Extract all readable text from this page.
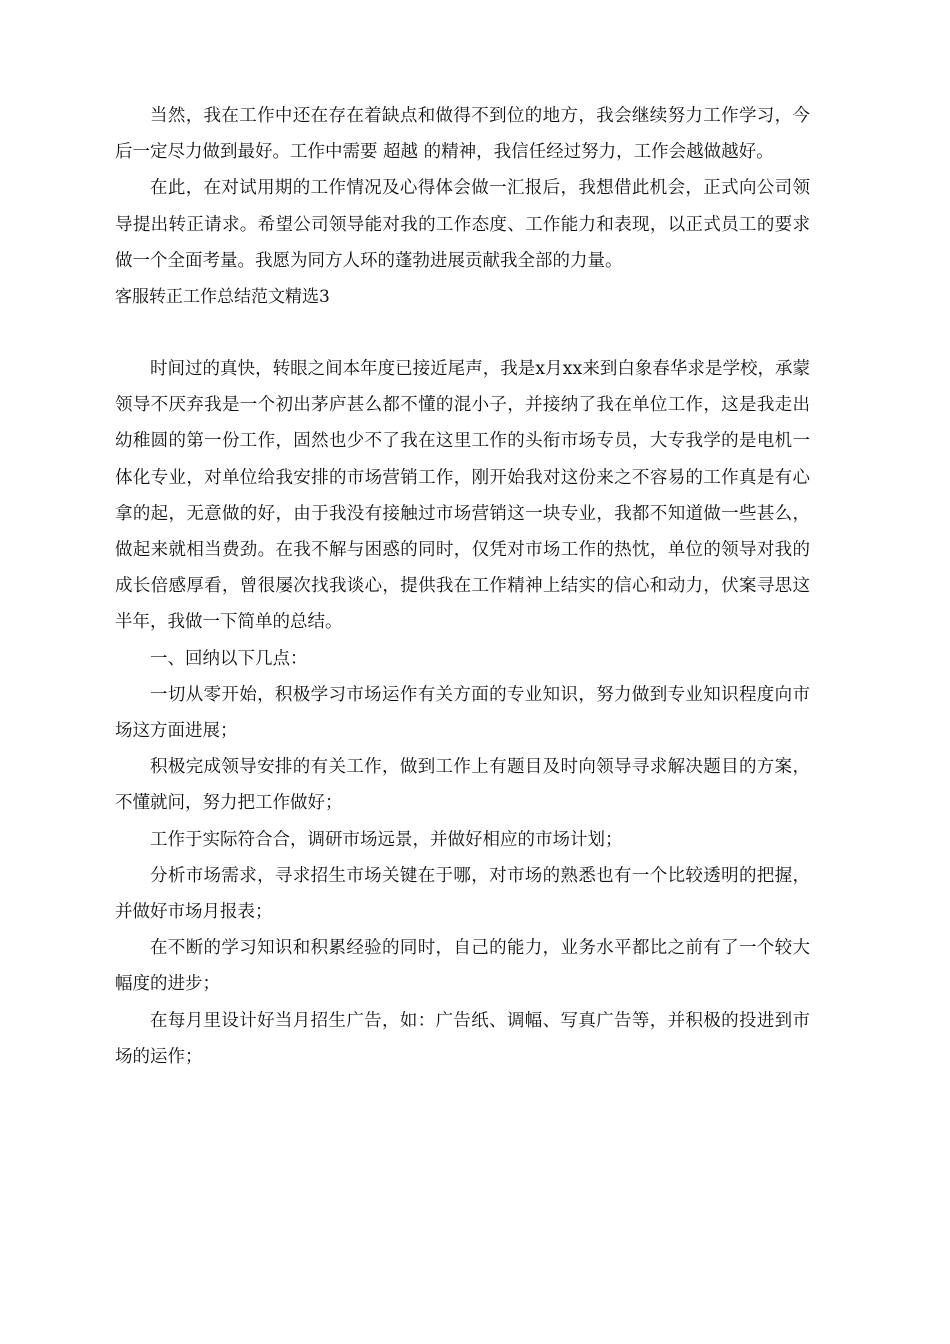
当然，我在工作中还在存在着缺点和做得不到位的地方，我会继续努力工作学习，今后一定尽力做到最好。工作中需要 超越 的精神，我信任经过努力，工作会越做越好。

在此，在对试用期的工作情况及心得体会做一汇报后，我想借此机会，正式向公司领导提出转正请求。希望公司领导能对我的工作态度、工作能力和表现，以正式员工的要求做一个全面考量。我愿为同方人环的蓬勃进展贡献我全部的力量。

客服转正工作总结范文精选3

时间过的真快，转眼之间本年度已接近尾声，我是x月xx来到白象春华求是学校，承蒙领导不厌弃我是一个初出茅庐甚么都不懂的混小子，并接纳了我在单位工作，这是我走出幼稚圆的第一份工作，固然也少不了我在这里工作的头衔市场专员，大专我学的是电机一体化专业，对单位给我安排的市场营销工作，刚开始我对这份来之不容易的工作真是有心拿的起，无意做的好，由于我没有接触过市场营销这一块专业，我都不知道做一些甚么，做起来就相当费劲。在我不解与困惑的同时，仅凭对市场工作的热忱，单位的领导对我的成长倍感厚看，曾很屡次找我谈心，提供我在工作精神上结实的信心和动力，伏案寻思这半年，我做一下简单的总结。

一、回纳以下几点：

一切从零开始，积极学习市场运作有关方面的专业知识，努力做到专业知识程度向市场这方面进展；

积极完成领导安排的有关工作，做到工作上有题目及时向领导寻求解决题目的方案，不懂就问，努力把工作做好；

工作于实际符合合，调研市场远景，并做好相应的市场计划；

分析市场需求，寻求招生市场关键在于哪，对市场的熟悉也有一个比较透明的把握，并做好市场月报表；

在不断的学习知识和积累经验的同时，自己的能力，业务水平都比之前有了一个较大幅度的进步；

在每月里设计好当月招生广告，如：广告纸、调幅、写真广告等，并积极的投进到市场的运作；
